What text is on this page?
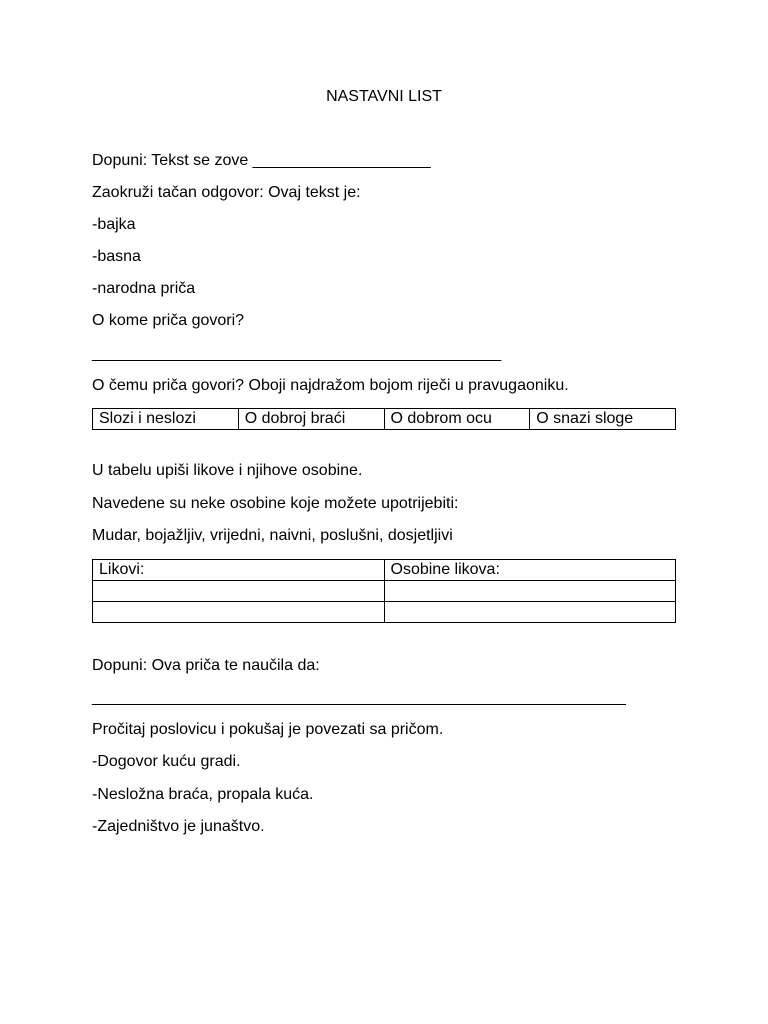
NASTAVNI LIST
Dopuni: Tekst se zove ____________________
Zaokruži tačan odgovor: Ovaj tekst je:
-bajka
-basna
-narodna priča
O kome priča govori?
______________________________________________
O čemu priča govori? Oboji najdražom bojom riječi u pravugaoniku.
Slozi i neslozi	O dobroj braći	O dobrom ocu	O snazi sloge
U tabelu upiši likove i njihove osobine.
Navedene su neke osobine koje možete upotrijebiti:
Mudar, bojažljiv, vrijedni, naivni, poslušni, dosjetljivi
Likovi:	Osobine likova:

Dopuni: Ova priča te naučila da:
____________________________________________________________
Pročitaj poslovicu i pokušaj je povezati sa pričom.
-Dogovor kuću gradi.
-Nesložna braća, propala kuća.
-Zajedništvo je junaštvo.
